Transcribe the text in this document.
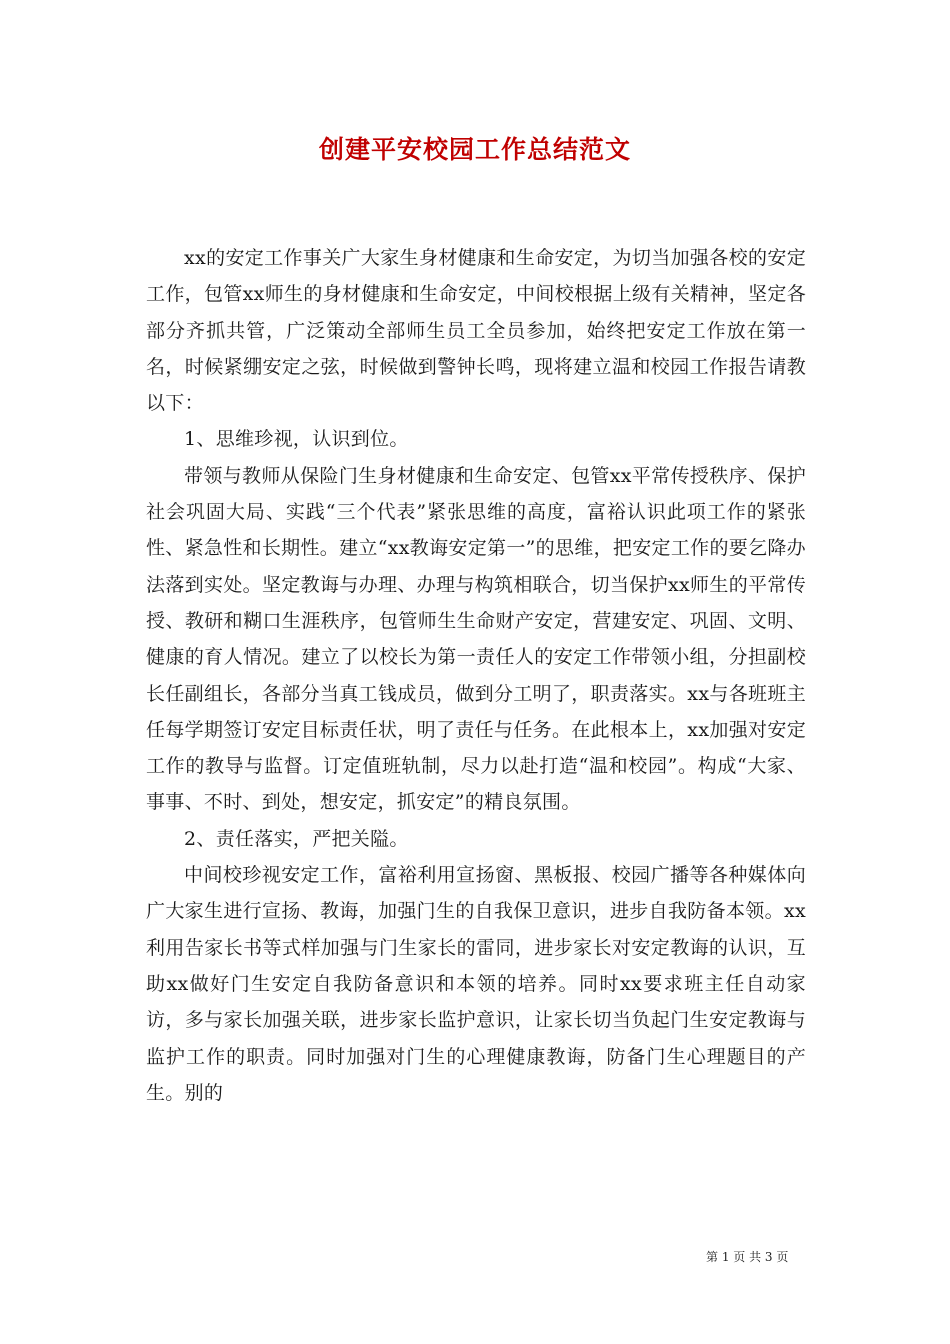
创建平安校园工作总结范文

xx的安定工作事关广大家生身材健康和生命安定，为切当加强各校的安定工作，包管xx师生的身材健康和生命安定，中间校根据上级有关精神，坚定各部分齐抓共管，广泛策动全部师生员工全员参加，始终把安定工作放在第一名，时候紧绷安定之弦，时候做到警钟长鸣，现将建立温和校园工作报告请教以下：

1、思维珍视，认识到位。

带领与教师从保险门生身材健康和生命安定、包管xx平常传授秩序、保护社会巩固大局、实践“三个代表”紧张思维的高度，富裕认识此项工作的紧张性、紧急性和长期性。建立“xx教诲安定第一”的思维，把安定工作的要乞降办法落到实处。坚定教诲与办理、办理与构筑相联合，切当保护xx师生的平常传授、教研和糊口生涯秩序，包管师生生命财产安定，营建安定、巩固、文明、健康的育人情况。建立了以校长为第一责任人的安定工作带领小组，分担副校长任副组长，各部分当真工钱成员，做到分工明了，职责落实。xx与各班班主任每学期签订安定目标责任状，明了责任与任务。在此根本上，xx加强对安定工作的教导与监督。订定值班轨制，尽力以赴打造“温和校园”。构成“大家、事事、不时、到处，想安定，抓安定”的精良氛围。

2、责任落实，严把关隘。

中间校珍视安定工作，富裕利用宣扬窗、黑板报、校园广播等各种媒体向广大家生进行宣扬、教诲，加强门生的自我保卫意识，进步自我防备本领。xx利用告家长书等式样加强与门生家长的雷同，进步家长对安定教诲的认识，互助xx做好门生安定自我防备意识和本领的培养。同时xx要求班主任自动家访，多与家长加强关联，进步家长监护意识，让家长切当负起门生安定教诲与监护工作的职责。同时加强对门生的心理健康教诲，防备门生心理题目的产生。别的

第 1 页 共 3 页
